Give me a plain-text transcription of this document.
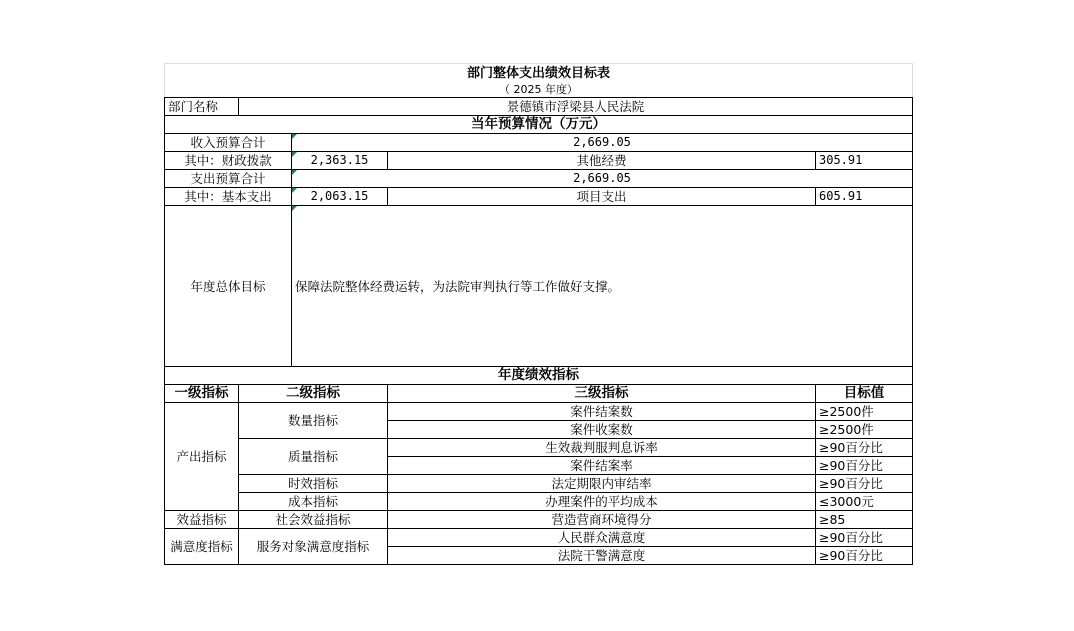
部门整体支出绩效目标表				
（ 2025 年度）				
部门名称	景德镇市浮梁县人民法院			
当年预算情况（万元）				
收入预算合计		2,669.05		
其中：财政拨款		2,363.15	其他经费	305.91
支出预算合计		2,669.05		
其中：基本支出		2,063.15	项目支出	605.91
年度总体目标		保障法院整体经费运转，为法院审判执行等工作做好支撑。		
年度绩效指标				
一级指标	二级指标		三级指标	目标值
产出指标	数量指标		案件结案数	≥2500件
			案件收案数	≥2500件
	质量指标		生效裁判服判息诉率	≥90百分比
			案件结案率	≥90百分比
	时效指标		法定期限内审结率	≥90百分比
	成本指标		办理案件的平均成本	≤3000元
效益指标	社会效益指标		营造营商环境得分	≥85
满意度指标	服务对象满意度指标		人民群众满意度	≥90百分比
			法院干警满意度	≥90百分比
